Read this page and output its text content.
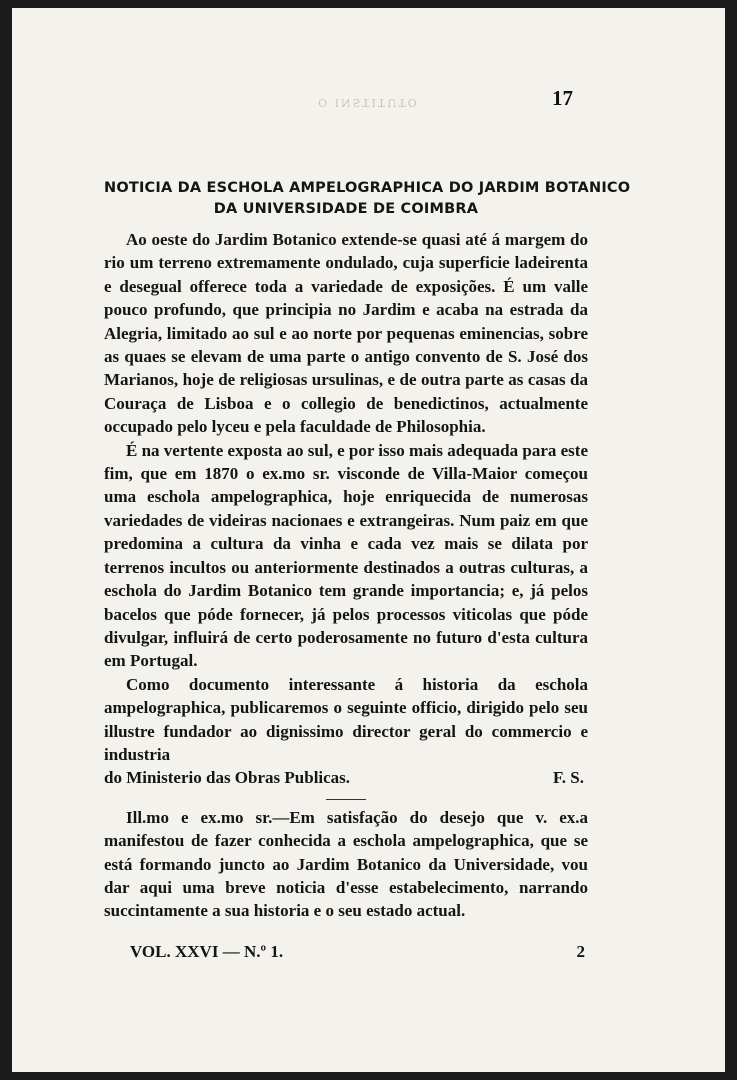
O INSTITUTO	17
NOTICIA DA ESCHOLA AMPELOGRAPHICA DO JARDIM BOTANICO
DA UNIVERSIDADE DE COIMBRA

Ao oeste do Jardim Botanico extende-se quasi até á margem do rio um terreno extremamente ondulado, cuja superficie ladeirenta e desegual offerece toda a variedade de exposições. É um valle pouco profundo, que principia no Jardim e acaba na estrada da Alegria, limitado ao sul e ao norte por pequenas eminencias, sobre as quaes se elevam de uma parte o antigo convento de S. José dos Marianos, hoje de religiosas ursulinas, e de outra parte as casas da Couraça de Lisboa e o collegio de benedictinos, actualmente occupado pelo lyceu e pela faculdade de Philosophia.

É na vertente exposta ao sul, e por isso mais adequada para este fim, que em 1870 o ex.mo sr. visconde de Villa-Maior começou uma eschola ampelographica, hoje enriquecida de numerosas variedades de videiras nacionaes e extrangeiras. Num paiz em que predomina a cultura da vinha e cada vez mais se dilata por terrenos incultos ou anteriormente destinados a outras culturas, a eschola do Jardim Botanico tem grande importancia; e, já pelos bacelos que póde fornecer, já pelos processos viticolas que póde divulgar, influirá de certo poderosamente no futuro d'esta cultura em Portugal.

Como documento interessante á historia da eschola ampelographica, publicaremos o seguinte officio, dirigido pelo seu illustre fundador ao dignissimo director geral do commercio e industria

do Ministerio das Obras Publicas.	F. S.

Ill.mo e ex.mo sr.—Em satisfação do desejo que v. ex.a manifestou de fazer conhecida a eschola ampelographica, que se está formando juncto ao Jardim Botanico da Universidade, vou dar aqui uma breve noticia d'esse estabelecimento, narrando succintamente a sua historia e o seu estado actual.

VOL. XXVI — N.º 1.	2
